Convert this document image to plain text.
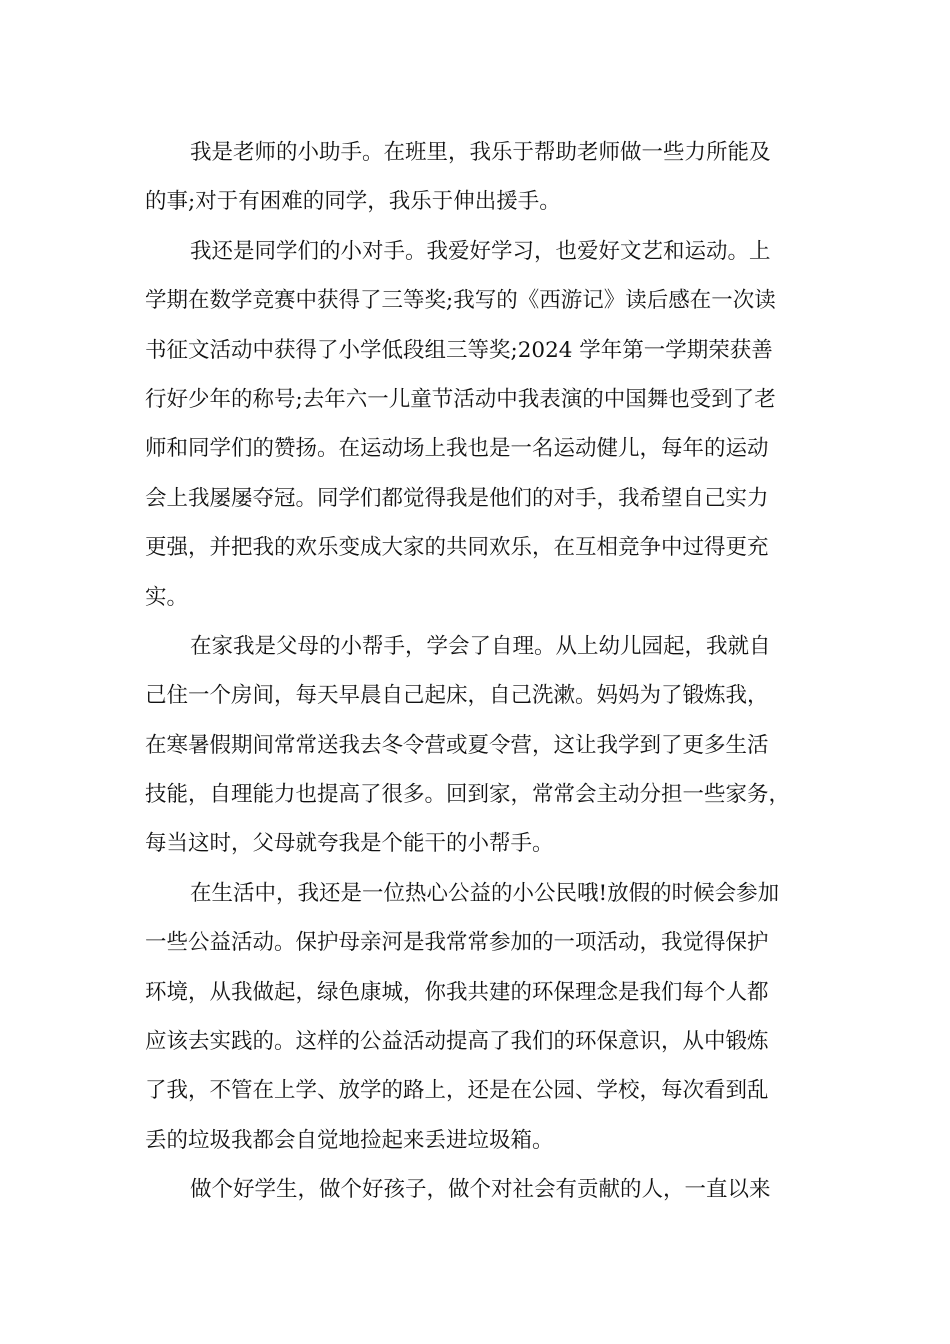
我是老师的小助手。在班里，我乐于帮助老师做一些力所能及
的事;对于有困难的同学，我乐于伸出援手。
我还是同学们的小对手。我爱好学习，也爱好文艺和运动。上
学期在数学竞赛中获得了三等奖;我写的《西游记》读后感在一次读
书征文活动中获得了小学低段组三等奖;2024 学年第一学期荣获善
行好少年的称号;去年六一儿童节活动中我表演的中国舞也受到了老
师和同学们的赞扬。在运动场上我也是一名运动健儿，每年的运动
会上我屡屡夺冠。同学们都觉得我是他们的对手，我希望自己实力
更强，并把我的欢乐变成大家的共同欢乐，在互相竞争中过得更充
实。
在家我是父母的小帮手，学会了自理。从上幼儿园起，我就自
己住一个房间，每天早晨自己起床，自己洗漱。妈妈为了锻炼我，
在寒暑假期间常常送我去冬令营或夏令营，这让我学到了更多生活
技能，自理能力也提高了很多。回到家，常常会主动分担一些家务，
每当这时，父母就夸我是个能干的小帮手。
在生活中，我还是一位热心公益的小公民哦!放假的时候会参加
一些公益活动。保护母亲河是我常常参加的一项活动，我觉得保护
环境，从我做起，绿色康城，你我共建的环保理念是我们每个人都
应该去实践的。这样的公益活动提高了我们的环保意识，从中锻炼
了我，不管在上学、放学的路上，还是在公园、学校，每次看到乱
丢的垃圾我都会自觉地捡起来丢进垃圾箱。
做个好学生，做个好孩子，做个对社会有贡献的人，一直以来
